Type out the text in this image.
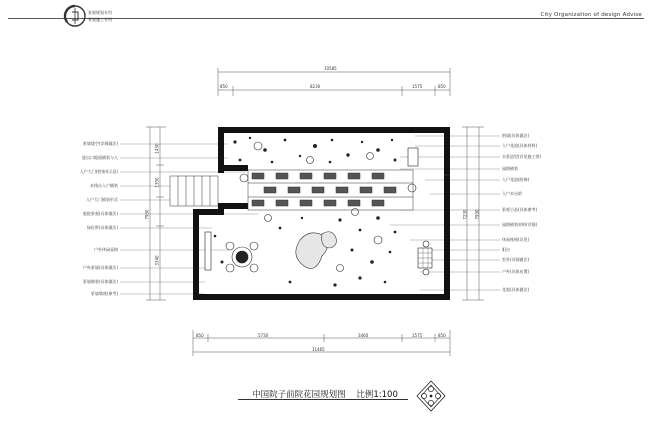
City Organization of design Advise
景观规划专用
景观施工专用
10585
850	8230	1575	850
850	5730	3460	1575	850
11465
1430
1350
7930
3340
7230 7930
景墙镂空(详细做法)
进出口地面铺装与入
入户大门(装饰)(示意)
木栈台入户铺装
入户大门铺装形式
庭院景观(具体做法)
绿化带(具体做法)
户外休闲桌椅
户外景墙(具体做法)
景墙铺装(具体做法)
景墙墩座(参考)
围墙(具体做法)
入户花池(具体材料)
水景造型(详见施工图)
园路铺装
入户花池(阶梯)
入户木台阶
景观小品(具体参考)
园路铺装材料(详细)
休闲座椅(详见)
阳台
室外(详细做法)
户外(具体布置)
花架(具体做法)
中国院子前院花园规划图 比例1:100
